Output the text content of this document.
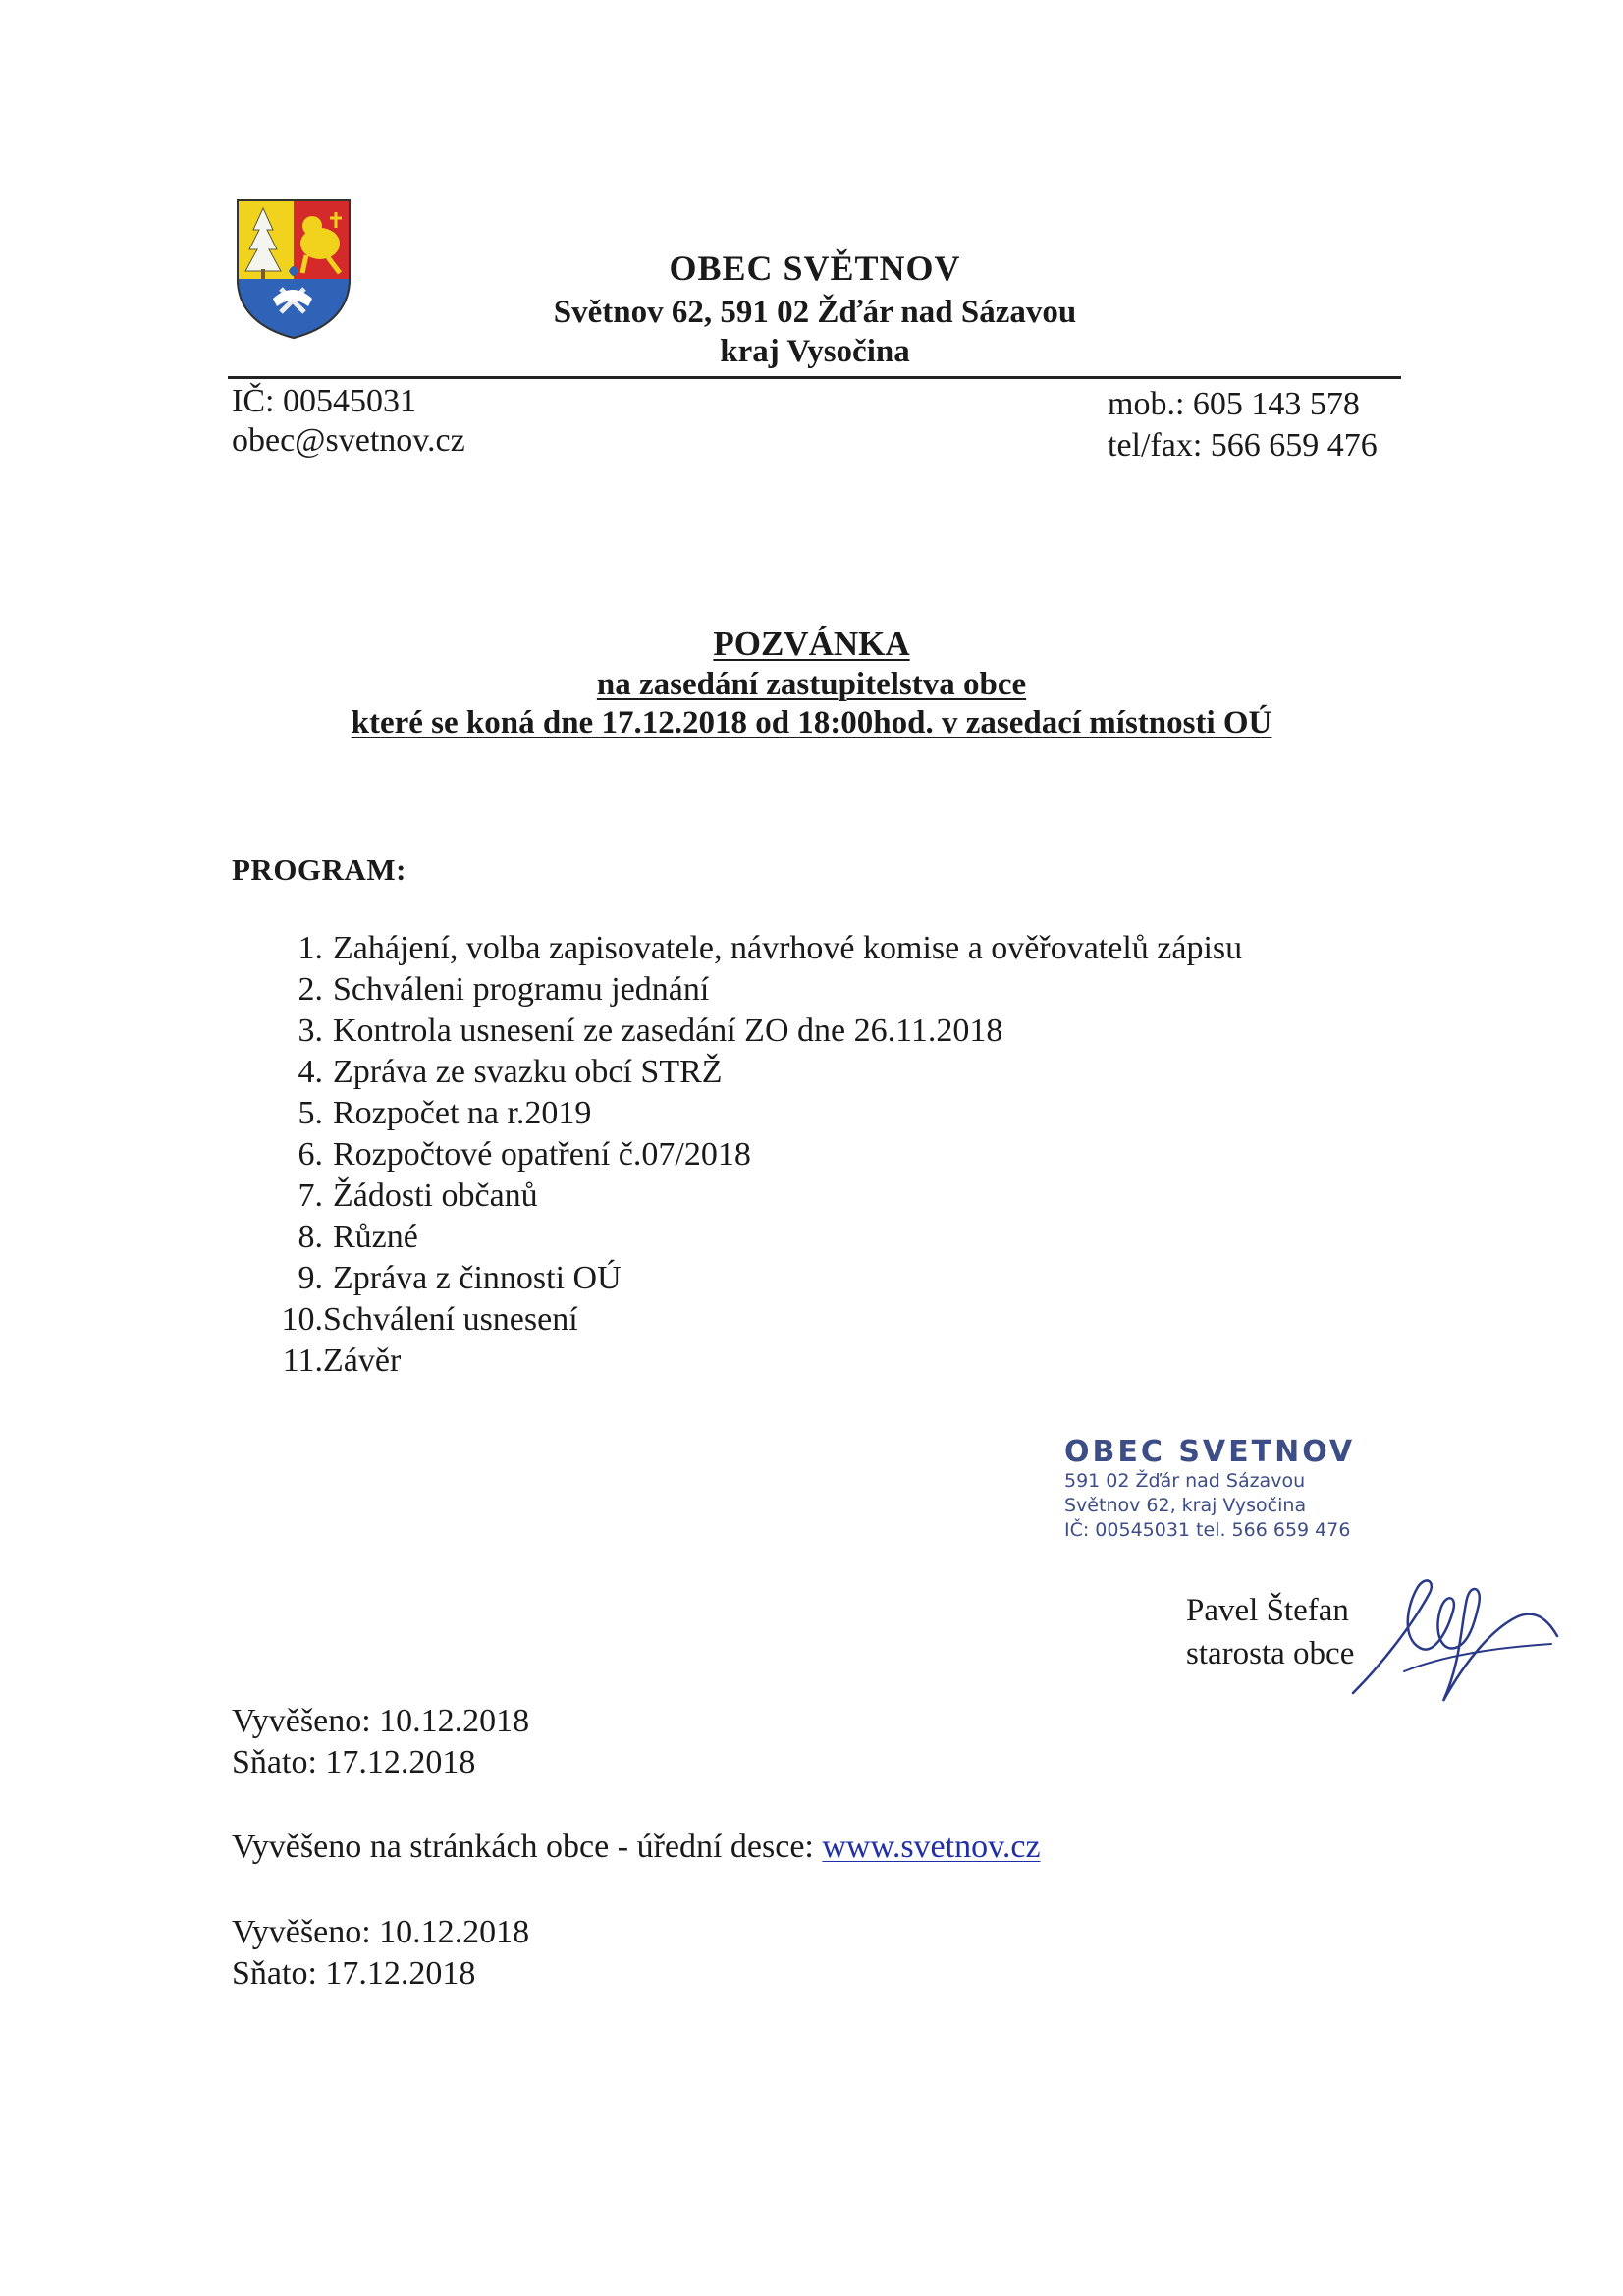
OBEC SVĚTNOV
Světnov 62, 591 02 Žďár nad Sázavou
kraj Vysočina
IČ: 00545031
obec@svetnov.cz
mob.: 605 143 578
tel/fax: 566 659 476
POZVÁNKA
na zasedání zastupitelstva obce
které se koná dne 17.12.2018 od 18:00hod. v zasedací místnosti OÚ
PROGRAM:
1. Zahájení, volba zapisovatele, návrhové komise a ověřovatelů zápisu
2. Schváleni programu jednání
3. Kontrola usnesení ze zasedání ZO dne 26.11.2018
4. Zpráva ze svazku obcí STRŽ
5. Rozpočet na r.2019
6. Rozpočtové opatření č.07/2018
7. Žádosti občanů
8. Různé
9. Zpráva z činnosti OÚ
10.Schválení usnesení
11.Závěr
OBEC SVETNOV
591 02 Žďár nad Sázavou
Světnov 62, kraj Vysočina
IČ: 00545031 tel. 566 659 476
Pavel Štefan
starosta obce
Vyvěšeno: 10.12.2018
Sňato: 17.12.2018
Vyvěšeno na stránkách obce - úřední desce: www.svetnov.cz
Vyvěšeno: 10.12.2018
Sňato: 17.12.2018
